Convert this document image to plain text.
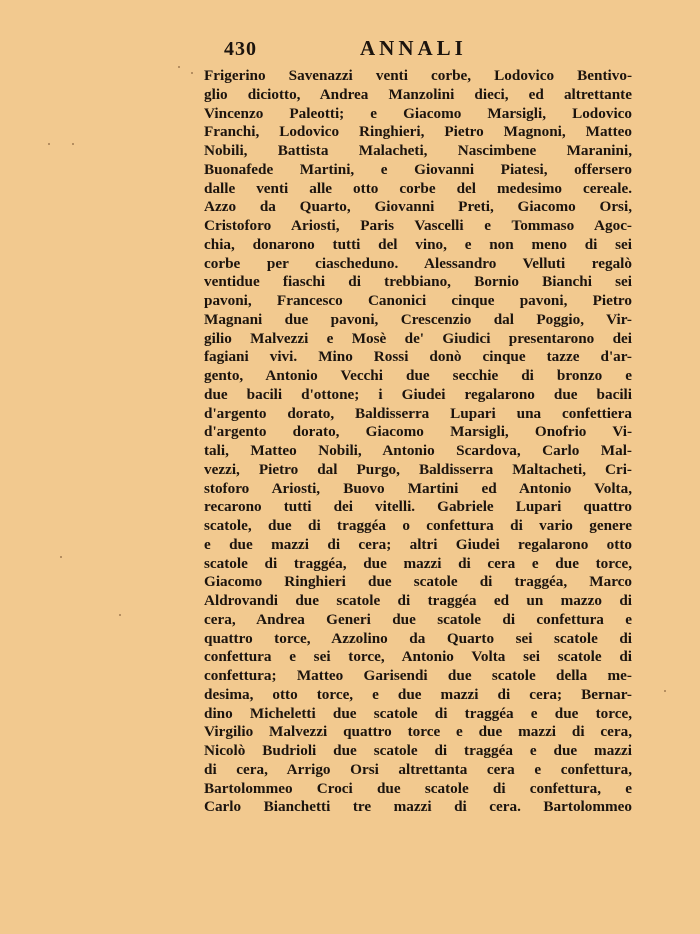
430	ANNALI
Frigerino Savenazzi venti corbe, Lodovico Bentivo-
glio diciotto, Andrea Manzolini dieci, ed altrettante
Vincenzo Paleotti; e Giacomo Marsigli, Lodovico
Franchi, Lodovico Ringhieri, Pietro Magnoni, Matteo
Nobili, Battista Malacheti, Nascimbene Maranini,
Buonafede Martini, e Giovanni Piatesi, offersero
dalle venti alle otto corbe del medesimo cereale.
Azzo da Quarto, Giovanni Preti, Giacomo Orsi,
Cristoforo Ariosti, Paris Vascelli e Tommaso Agoc-
chia, donarono tutti del vino, e non meno di sei
corbe per ciascheduno. Alessandro Velluti regalò
ventidue fiaschi di trebbiano, Bornio Bianchi sei
pavoni, Francesco Canonici cinque pavoni, Pietro
Magnani due pavoni, Crescenzio dal Poggio, Vir-
gilio Malvezzi e Mosè de' Giudici presentarono dei
fagiani vivi. Mino Rossi donò cinque tazze d'ar-
gento, Antonio Vecchi due secchie di bronzo e
due bacili d'ottone; i Giudei regalarono due bacili
d'argento dorato, Baldisserra Lupari una confettiera
d'argento dorato, Giacomo Marsigli, Onofrio Vi-
tali, Matteo Nobili, Antonio Scardova, Carlo Mal-
vezzi, Pietro dal Purgo, Baldisserra Maltacheti, Cri-
stoforo Ariosti, Buovo Martini ed Antonio Volta,
recarono tutti dei vitelli. Gabriele Lupari quattro
scatole, due di traggéa o confettura di vario genere
e due mazzi di cera; altri Giudei regalarono otto
scatole di traggéa, due mazzi di cera e due torce,
Giacomo Ringhieri due scatole di traggéa, Marco
Aldrovandi due scatole di traggéa ed un mazzo di
cera, Andrea Generi due scatole di confettura e
quattro torce, Azzolino da Quarto sei scatole di
confettura e sei torce, Antonio Volta sei scatole di
confettura; Matteo Garisendi due scatole della me-
desima, otto torce, e due mazzi di cera; Bernar-
dino Micheletti due scatole di traggéa e due torce,
Virgilio Malvezzi quattro torce e due mazzi di cera,
Nicolò Budrioli due scatole di traggéa e due mazzi
di cera, Arrigo Orsi altrettanta cera e confettura,
Bartolommeo Croci due scatole di confettura, e
Carlo Bianchetti tre mazzi di cera. Bartolommeo
